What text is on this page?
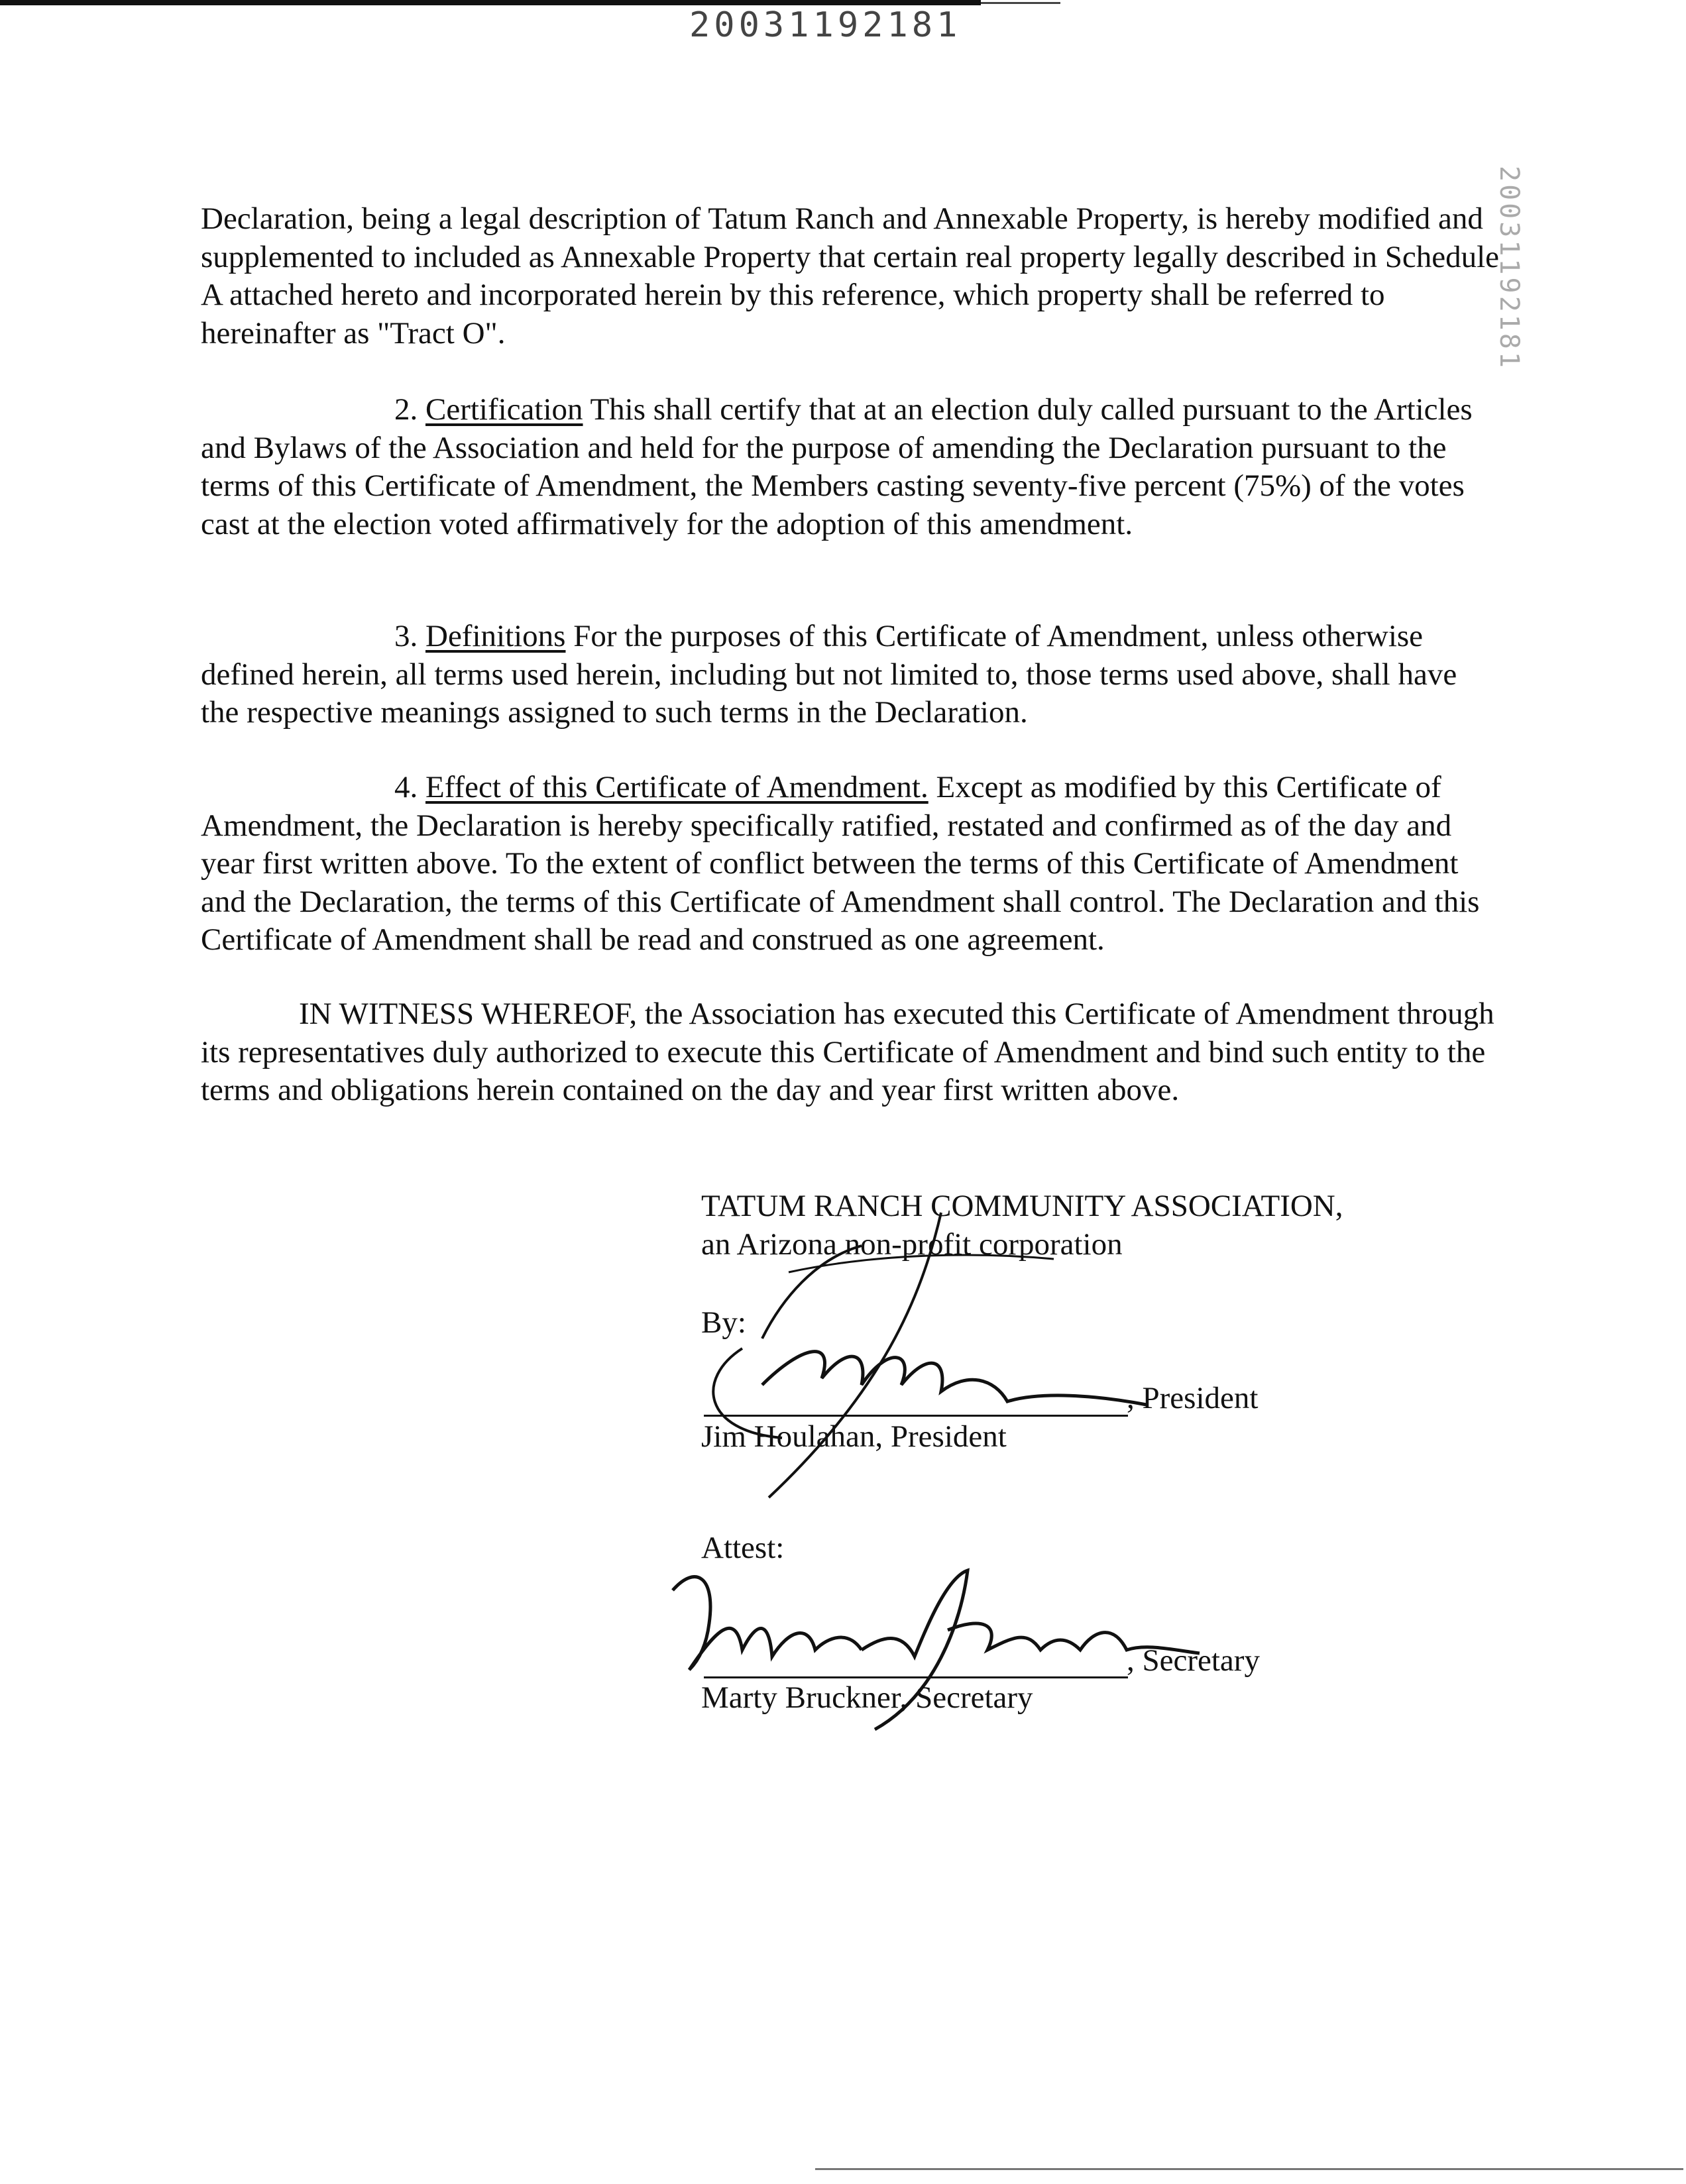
20031192181
20031192181

Declaration, being a legal description of Tatum Ranch and Annexable Property, is hereby modified and supplemented to included as Annexable Property that certain real property legally described in Schedule A attached hereto and incorporated herein by this reference, which property shall be referred to hereinafter as "Tract O".

2. Certification This shall certify that at an election duly called pursuant to the Articles and Bylaws of the Association and held for the purpose of amending the Declaration pursuant to the terms of this Certificate of Amendment, the Members casting seventy-five percent (75%) of the votes cast at the election voted affirmatively for the adoption of this amendment.

3. Definitions For the purposes of this Certificate of Amendment, unless otherwise defined herein, all terms used herein, including but not limited to, those terms used above, shall have the respective meanings assigned to such terms in the Declaration.

4. Effect of this Certificate of Amendment. Except as modified by this Certificate of Amendment, the Declaration is hereby specifically ratified, restated and confirmed as of the day and year first written above. To the extent of conflict between the terms of this Certificate of Amendment and the Declaration, the terms of this Certificate of Amendment shall control. The Declaration and this Certificate of Amendment shall be read and construed as one agreement.

IN WITNESS WHEREOF, the Association has executed this Certificate of Amendment through its representatives duly authorized to execute this Certificate of Amendment and bind such entity to the terms and obligations herein contained on the day and year first written above.

TATUM RANCH COMMUNITY ASSOCIATION,
an Arizona non-profit corporation
By:
, President
Jim Houlahan, President
Attest:
, Secretary
Marty Bruckner, Secretary
